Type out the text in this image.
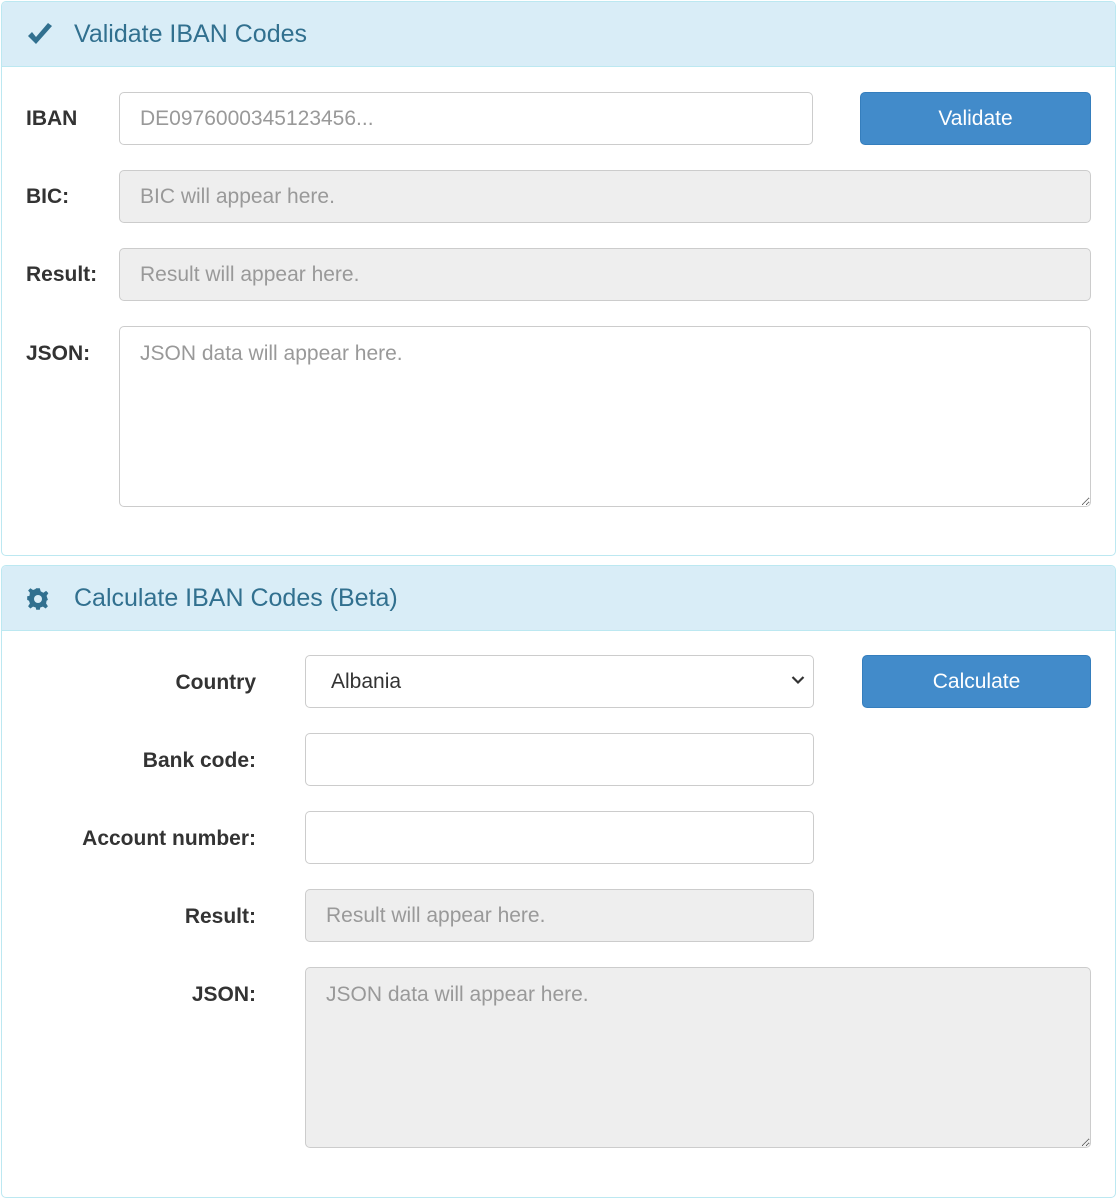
Validate IBAN Codes
IBAN
DE0976000345123456...	Validate
BIC:
BIC will appear here.
Result:
Result will appear here.
JSON:
JSON data will appear here.
Calculate IBAN Codes (Beta)
Country	Albania	Calculate
Bank code:
Account number:
Result:
Result will appear here.
JSON:
JSON data will appear here.
